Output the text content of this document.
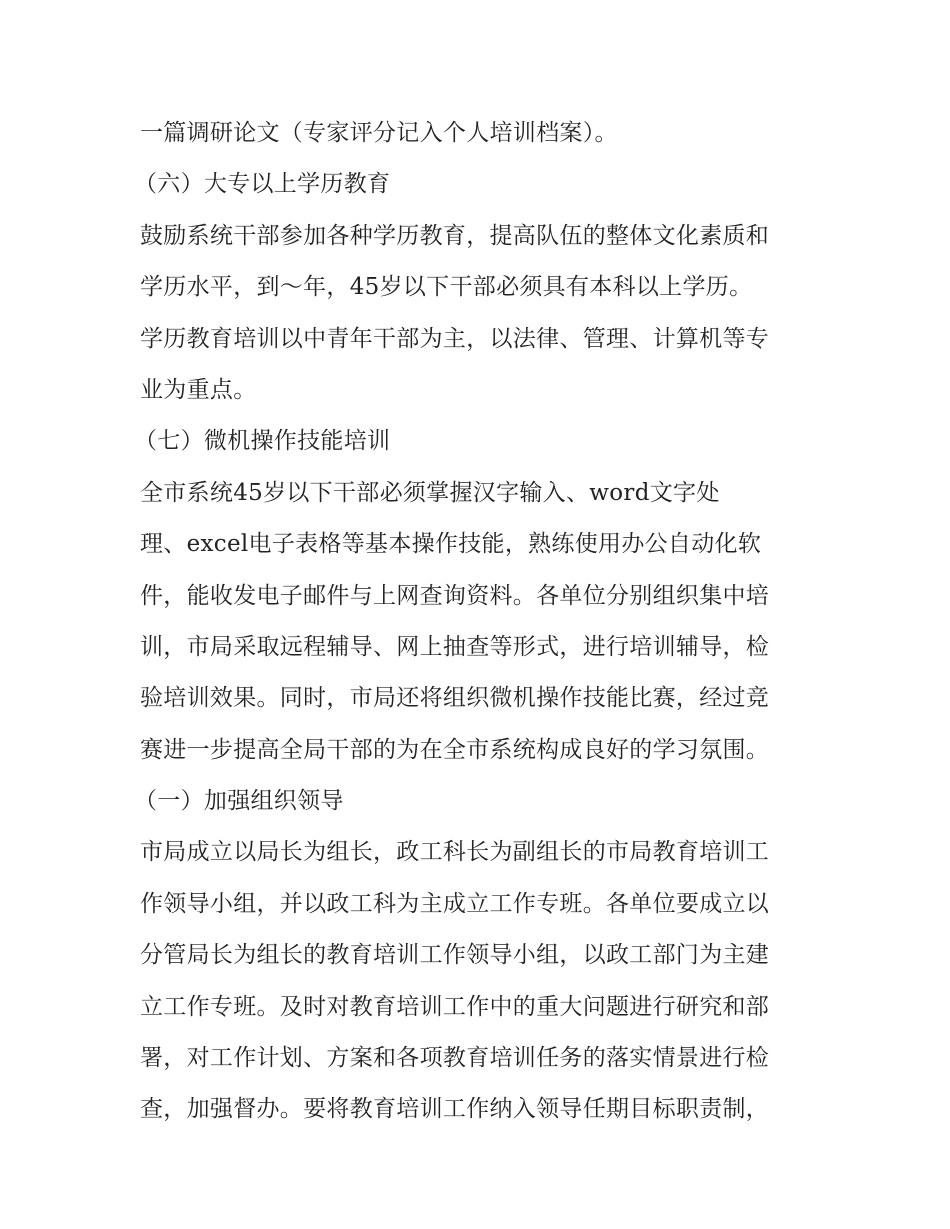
一篇调研论文（专家评分记入个人培训档案）。
（六）大专以上学历教育
鼓励系统干部参加各种学历教育，提高队伍的整体文化素质和
学历水平，到～年，45岁以下干部必须具有本科以上学历。
学历教育培训以中青年干部为主，以法律、管理、计算机等专
业为重点。
（七）微机操作技能培训
全市系统45岁以下干部必须掌握汉字输入、word文字处
理、excel电子表格等基本操作技能，熟练使用办公自动化软
件，能收发电子邮件与上网查询资料。各单位分别组织集中培
训，市局采取远程辅导、网上抽查等形式，进行培训辅导，检
验培训效果。同时，市局还将组织微机操作技能比赛，经过竞
赛进一步提高全局干部的为在全市系统构成良好的学习氛围。
（一）加强组织领导
市局成立以局长为组长，政工科长为副组长的市局教育培训工
作领导小组，并以政工科为主成立工作专班。各单位要成立以
分管局长为组长的教育培训工作领导小组，以政工部门为主建
立工作专班。及时对教育培训工作中的重大问题进行研究和部
署，对工作计划、方案和各项教育培训任务的落实情景进行检
查，加强督办。要将教育培训工作纳入领导任期目标职责制，
